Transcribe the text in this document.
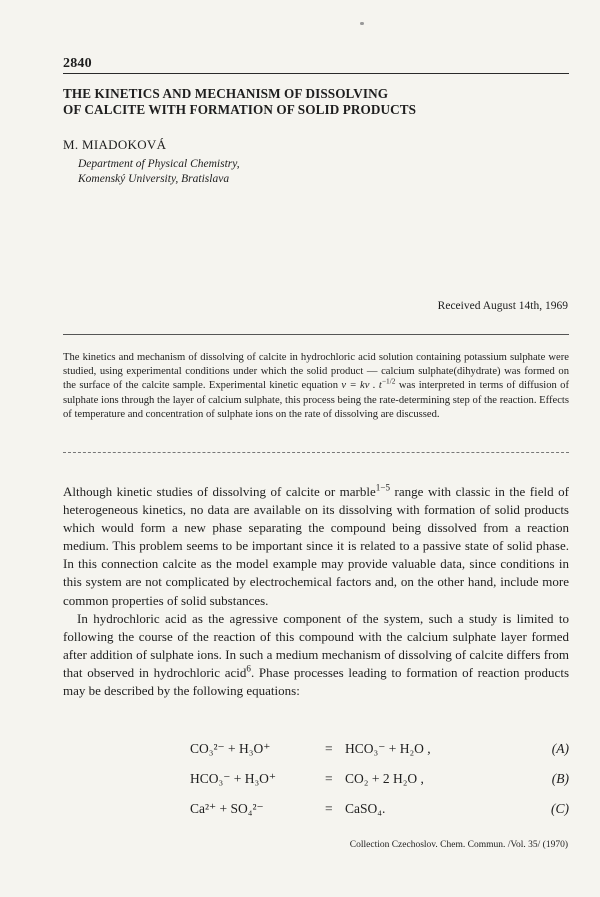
2840
THE KINETICS AND MECHANISM OF DISSOLVING
OF CALCITE WITH FORMATION OF SOLID PRODUCTS
M. MIADOKOVÁ
Department of Physical Chemistry,
Komenský University, Bratislava
Received August 14th, 1969

The kinetics and mechanism of dissolving of calcite in hydrochloric acid solution containing potassium sulphate were studied, using experimental conditions under which the solid product — calcium sulphate(dihydrate) was formed on the surface of the calcite sample. Experimental kinetic equation v = kv . $t^{-1/2}$ was interpreted in terms of diffusion of sulphate ions through the layer of calcium sulphate, this process being the rate-determining step of the reaction. Effects of temperature and concentration of sulphate ions on the rate of dissolving are discussed.

Although kinetic studies of dissolving of calcite or marble$^{1-5}$ range with classic in the field of heterogeneous kinetics, no data are available on its dissolving with formation of solid products which would form a new phase separating the compound being dissolved from a reaction medium. This problem seems to be important since it is related to a passive state of solid phase. In this connection calcite as the model example may provide valuable data, since conditions in this system are not complicated by electrochemical factors and, on the other hand, include more common properties of solid substances.

In hydrochloric acid as the agressive component of the system, such a study is limited to following the course of the reaction of this compound with the calcium sulphate layer formed after addition of sulphate ions. In such a medium mechanism of dissolving of calcite differs from that observed in hydrochloric acid$^6$. Phase processes leading to formation of reaction products may be described by the following equations:

CO₃²⁻ + H₃O⁺	= HCO₃⁻ + H₂O ,	(A)
HCO₃⁻ + H₃O⁺	= CO₂ + 2 H₂O ,	(B)
Ca²⁺ + SO₄²⁻	= CaSO₄.	(C)
Collection Czechoslov. Chem. Commun. /Vol. 35/ (1970)
